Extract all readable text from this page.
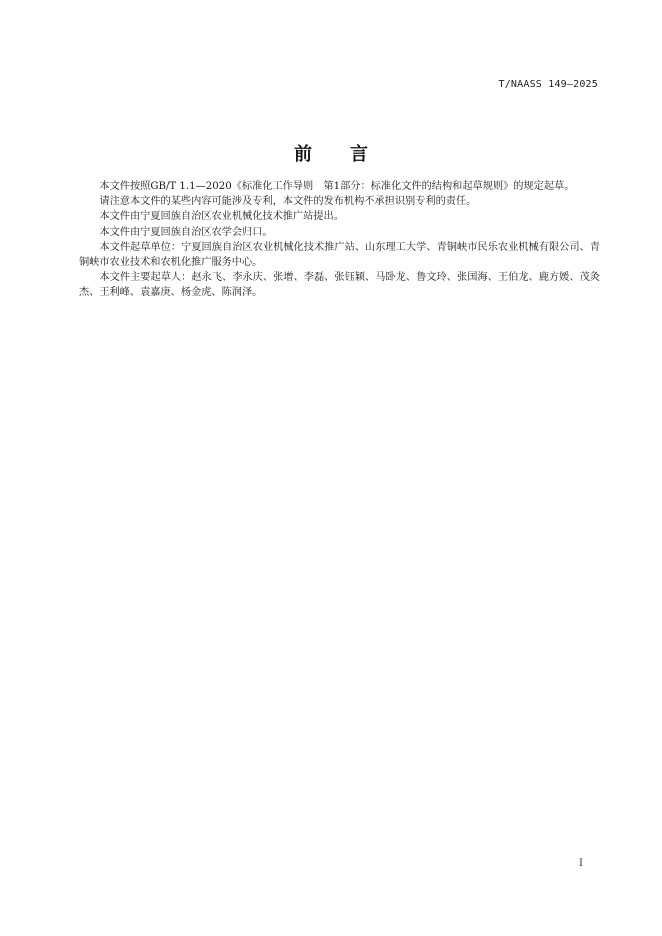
T/NAASS 149—2025
前言

本文件按照GB/T 1.1—2020《标准化工作导则　第1部分：标准化文件的结构和起草规则》的规定起草。

请注意本文件的某些内容可能涉及专利，本文件的发布机构不承担识别专利的责任。

本文件由宁夏回族自治区农业机械化技术推广站提出。

本文件由宁夏回族自治区农学会归口。

本文件起草单位：宁夏回族自治区农业机械化技术推广站、山东理工大学、青铜峡市民乐农业机械有限公司、青铜峡市农业技术和农机化推广服务中心。

本文件主要起草人：赵永飞、李永庆、张增、李磊、张钰颖、马卧龙、鲁文玲、张国海、王伯龙、鹿方媛、茂灸杰、王利峰、袁嘉庚、杨金虎、陈润泽。

I
